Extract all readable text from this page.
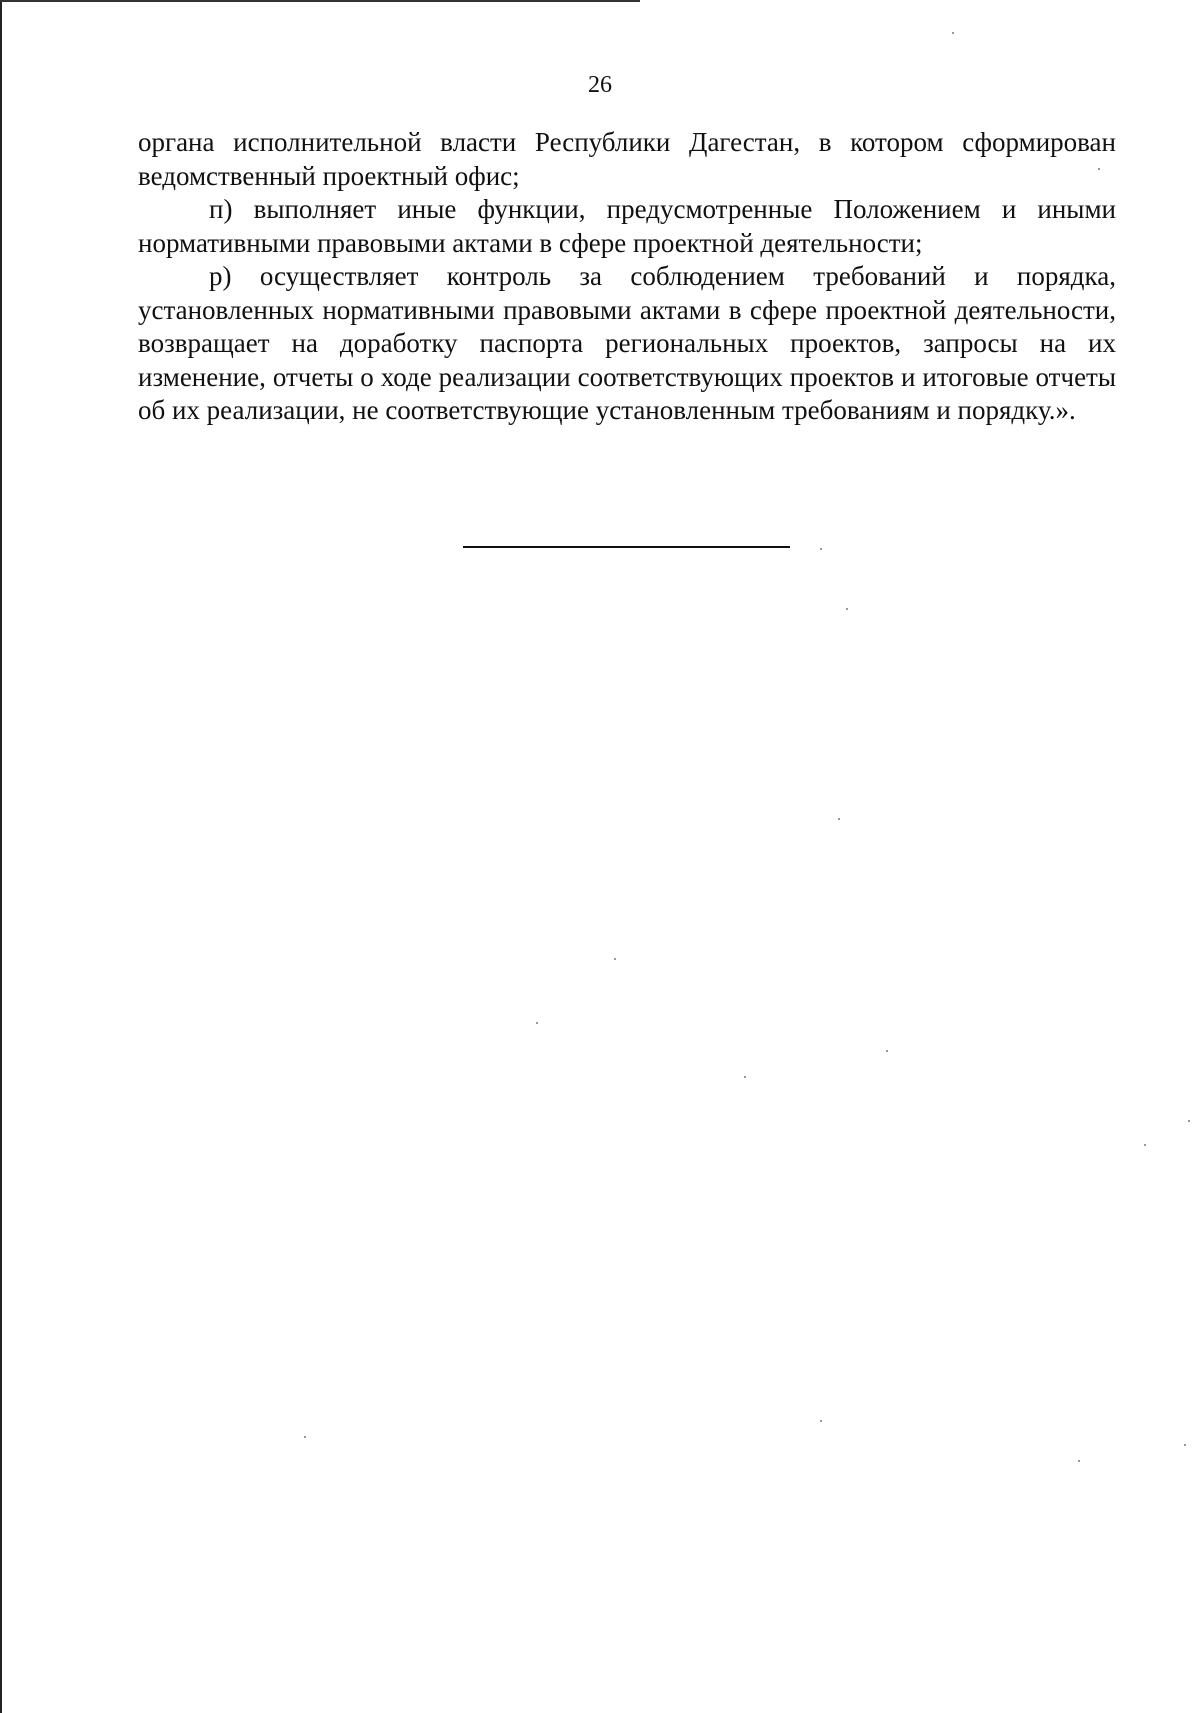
26

органа исполнительной власти Республики Дагестан, в котором сформирован ведомственный проектный офис;

п) выполняет иные функции, предусмотренные Положением и иными нормативными правовыми актами в сфере проектной деятельности;

р) осуществляет контроль за соблюдением требований и порядка, установленных нормативными правовыми актами в сфере проектной деятельности, возвращает на доработку паспорта региональных проектов, запросы на их изменение, отчеты о ходе реализации соответствующих проектов и итоговые отчеты об их реализации, не соответствующие установленным требованиям и порядку.».
